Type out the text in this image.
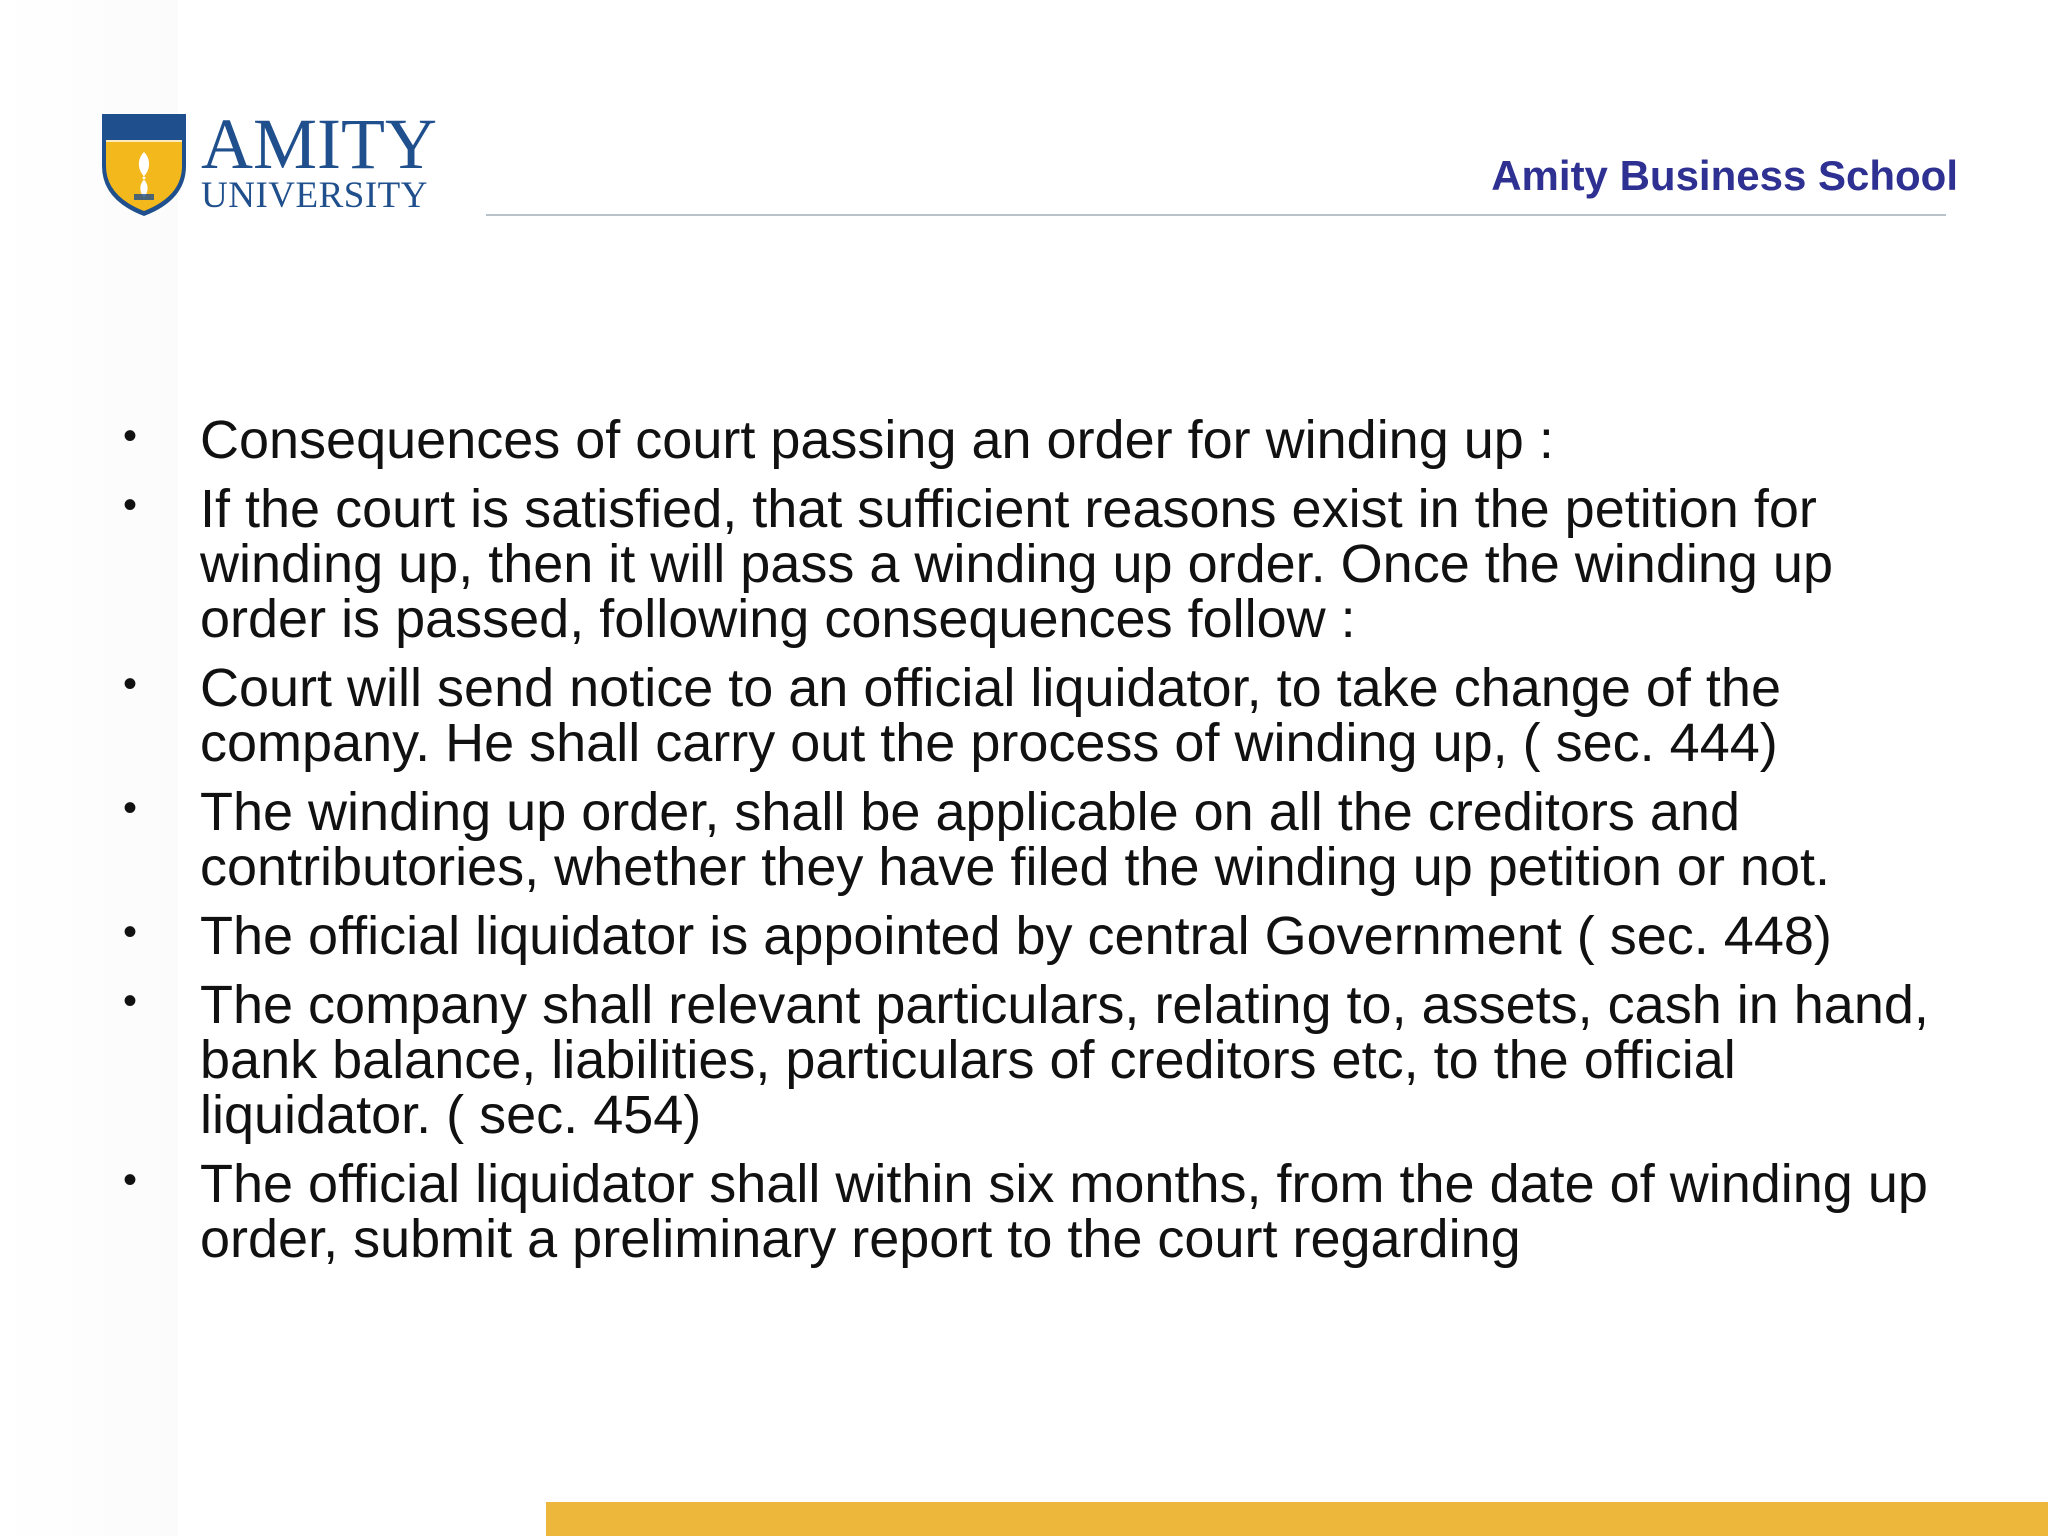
AMITY
UNIVERSITY	Amity Business School
• Consequences of court passing an order for winding up :
• If the court is satisfied, that sufficient reasons exist in the petition for winding up, then it will pass a winding up order. Once the winding up order is passed, following consequences follow :
• Court will send notice to an official liquidator, to take change of the company. He shall carry out the process of winding up, ( sec. 444)
• The winding up order, shall be applicable on all the creditors and contributories, whether they have filed the winding up petition or not.
• The official liquidator is appointed by central Government ( sec. 448)
• The company shall relevant particulars, relating to, assets, cash in hand, bank balance, liabilities, particulars of creditors etc, to the official liquidator. ( sec. 454)
• The official liquidator shall within six months, from the date of winding up order, submit a preliminary report to the court regarding
